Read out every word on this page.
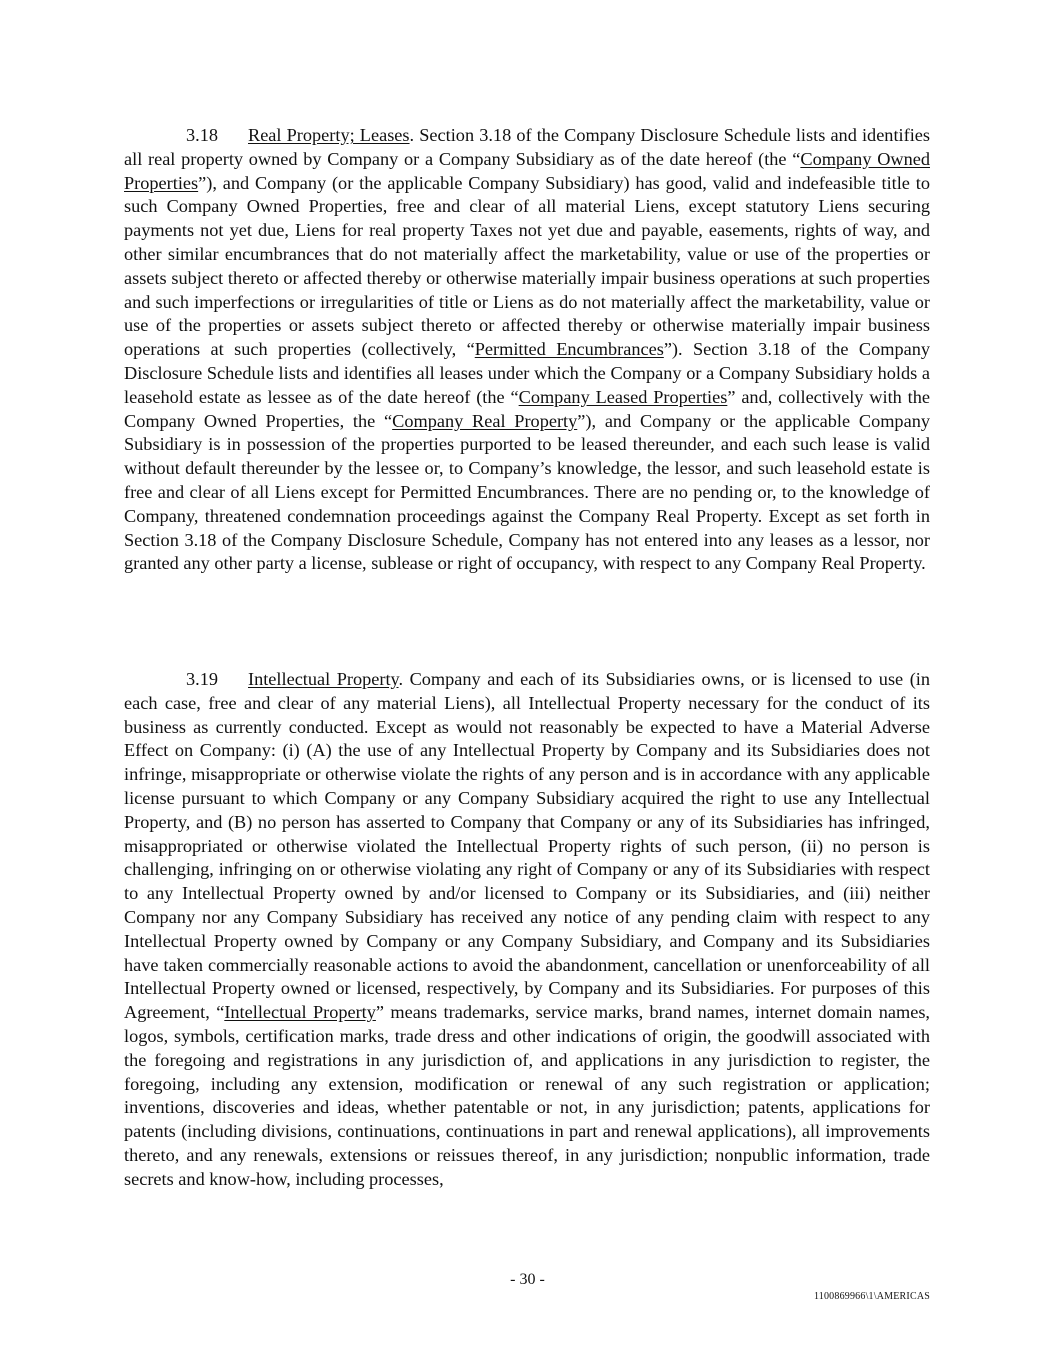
3.18 Real Property; Leases. Section 3.18 of the Company Disclosure Schedule lists and identifies all real property owned by Company or a Company Subsidiary as of the date hereof (the “Company Owned Properties”), and Company (or the applicable Company Subsidiary) has good, valid and indefeasible title to such Company Owned Properties, free and clear of all material Liens, except statutory Liens securing payments not yet due, Liens for real property Taxes not yet due and payable, easements, rights of way, and other similar encumbrances that do not materially affect the marketability, value or use of the properties or assets subject thereto or affected thereby or otherwise materially impair business operations at such properties and such imperfections or irregularities of title or Liens as do not materially affect the marketability, value or use of the properties or assets subject thereto or affected thereby or otherwise materially impair business operations at such properties (collectively, “Permitted Encumbrances”). Section 3.18 of the Company Disclosure Schedule lists and identifies all leases under which the Company or a Company Subsidiary holds a leasehold estate as lessee as of the date hereof (the “Company Leased Properties” and, collectively with the Company Owned Properties, the “Company Real Property”), and Company or the applicable Company Subsidiary is in possession of the properties purported to be leased thereunder, and each such lease is valid without default thereunder by the lessee or, to Company’s knowledge, the lessor, and such leasehold estate is free and clear of all Liens except for Permitted Encumbrances. There are no pending or, to the knowledge of Company, threatened condemnation proceedings against the Company Real Property. Except as set forth in Section 3.18 of the Company Disclosure Schedule, Company has not entered into any leases as a lessor, nor granted any other party a license, sublease or right of occupancy, with respect to any Company Real Property.

3.19 Intellectual Property. Company and each of its Subsidiaries owns, or is licensed to use (in each case, free and clear of any material Liens), all Intellectual Property necessary for the conduct of its business as currently conducted. Except as would not reasonably be expected to have a Material Adverse Effect on Company: (i) (A) the use of any Intellectual Property by Company and its Subsidiaries does not infringe, misappropriate or otherwise violate the rights of any person and is in accordance with any applicable license pursuant to which Company or any Company Subsidiary acquired the right to use any Intellectual Property, and (B) no person has asserted to Company that Company or any of its Subsidiaries has infringed, misappropriated or otherwise violated the Intellectual Property rights of such person, (ii) no person is challenging, infringing on or otherwise violating any right of Company or any of its Subsidiaries with respect to any Intellectual Property owned by and/or licensed to Company or its Subsidiaries, and (iii) neither Company nor any Company Subsidiary has received any notice of any pending claim with respect to any Intellectual Property owned by Company or any Company Subsidiary, and Company and its Subsidiaries have taken commercially reasonable actions to avoid the abandonment, cancellation or unenforceability of all Intellectual Property owned or licensed, respectively, by Company and its Subsidiaries. For purposes of this Agreement, “Intellectual Property” means trademarks, service marks, brand names, internet domain names, logos, symbols, certification marks, trade dress and other indications of origin, the goodwill associated with the foregoing and registrations in any jurisdiction of, and applications in any jurisdiction to register, the foregoing, including any extension, modification or renewal of any such registration or application; inventions, discoveries and ideas, whether patentable or not, in any jurisdiction; patents, applications for patents (including divisions, continuations, continuations in part and renewal applications), all improvements thereto, and any renewals, extensions or reissues thereof, in any jurisdiction; nonpublic information, trade secrets and know-how, including processes,

- 30 -
1100869966\1\AMERICAS
